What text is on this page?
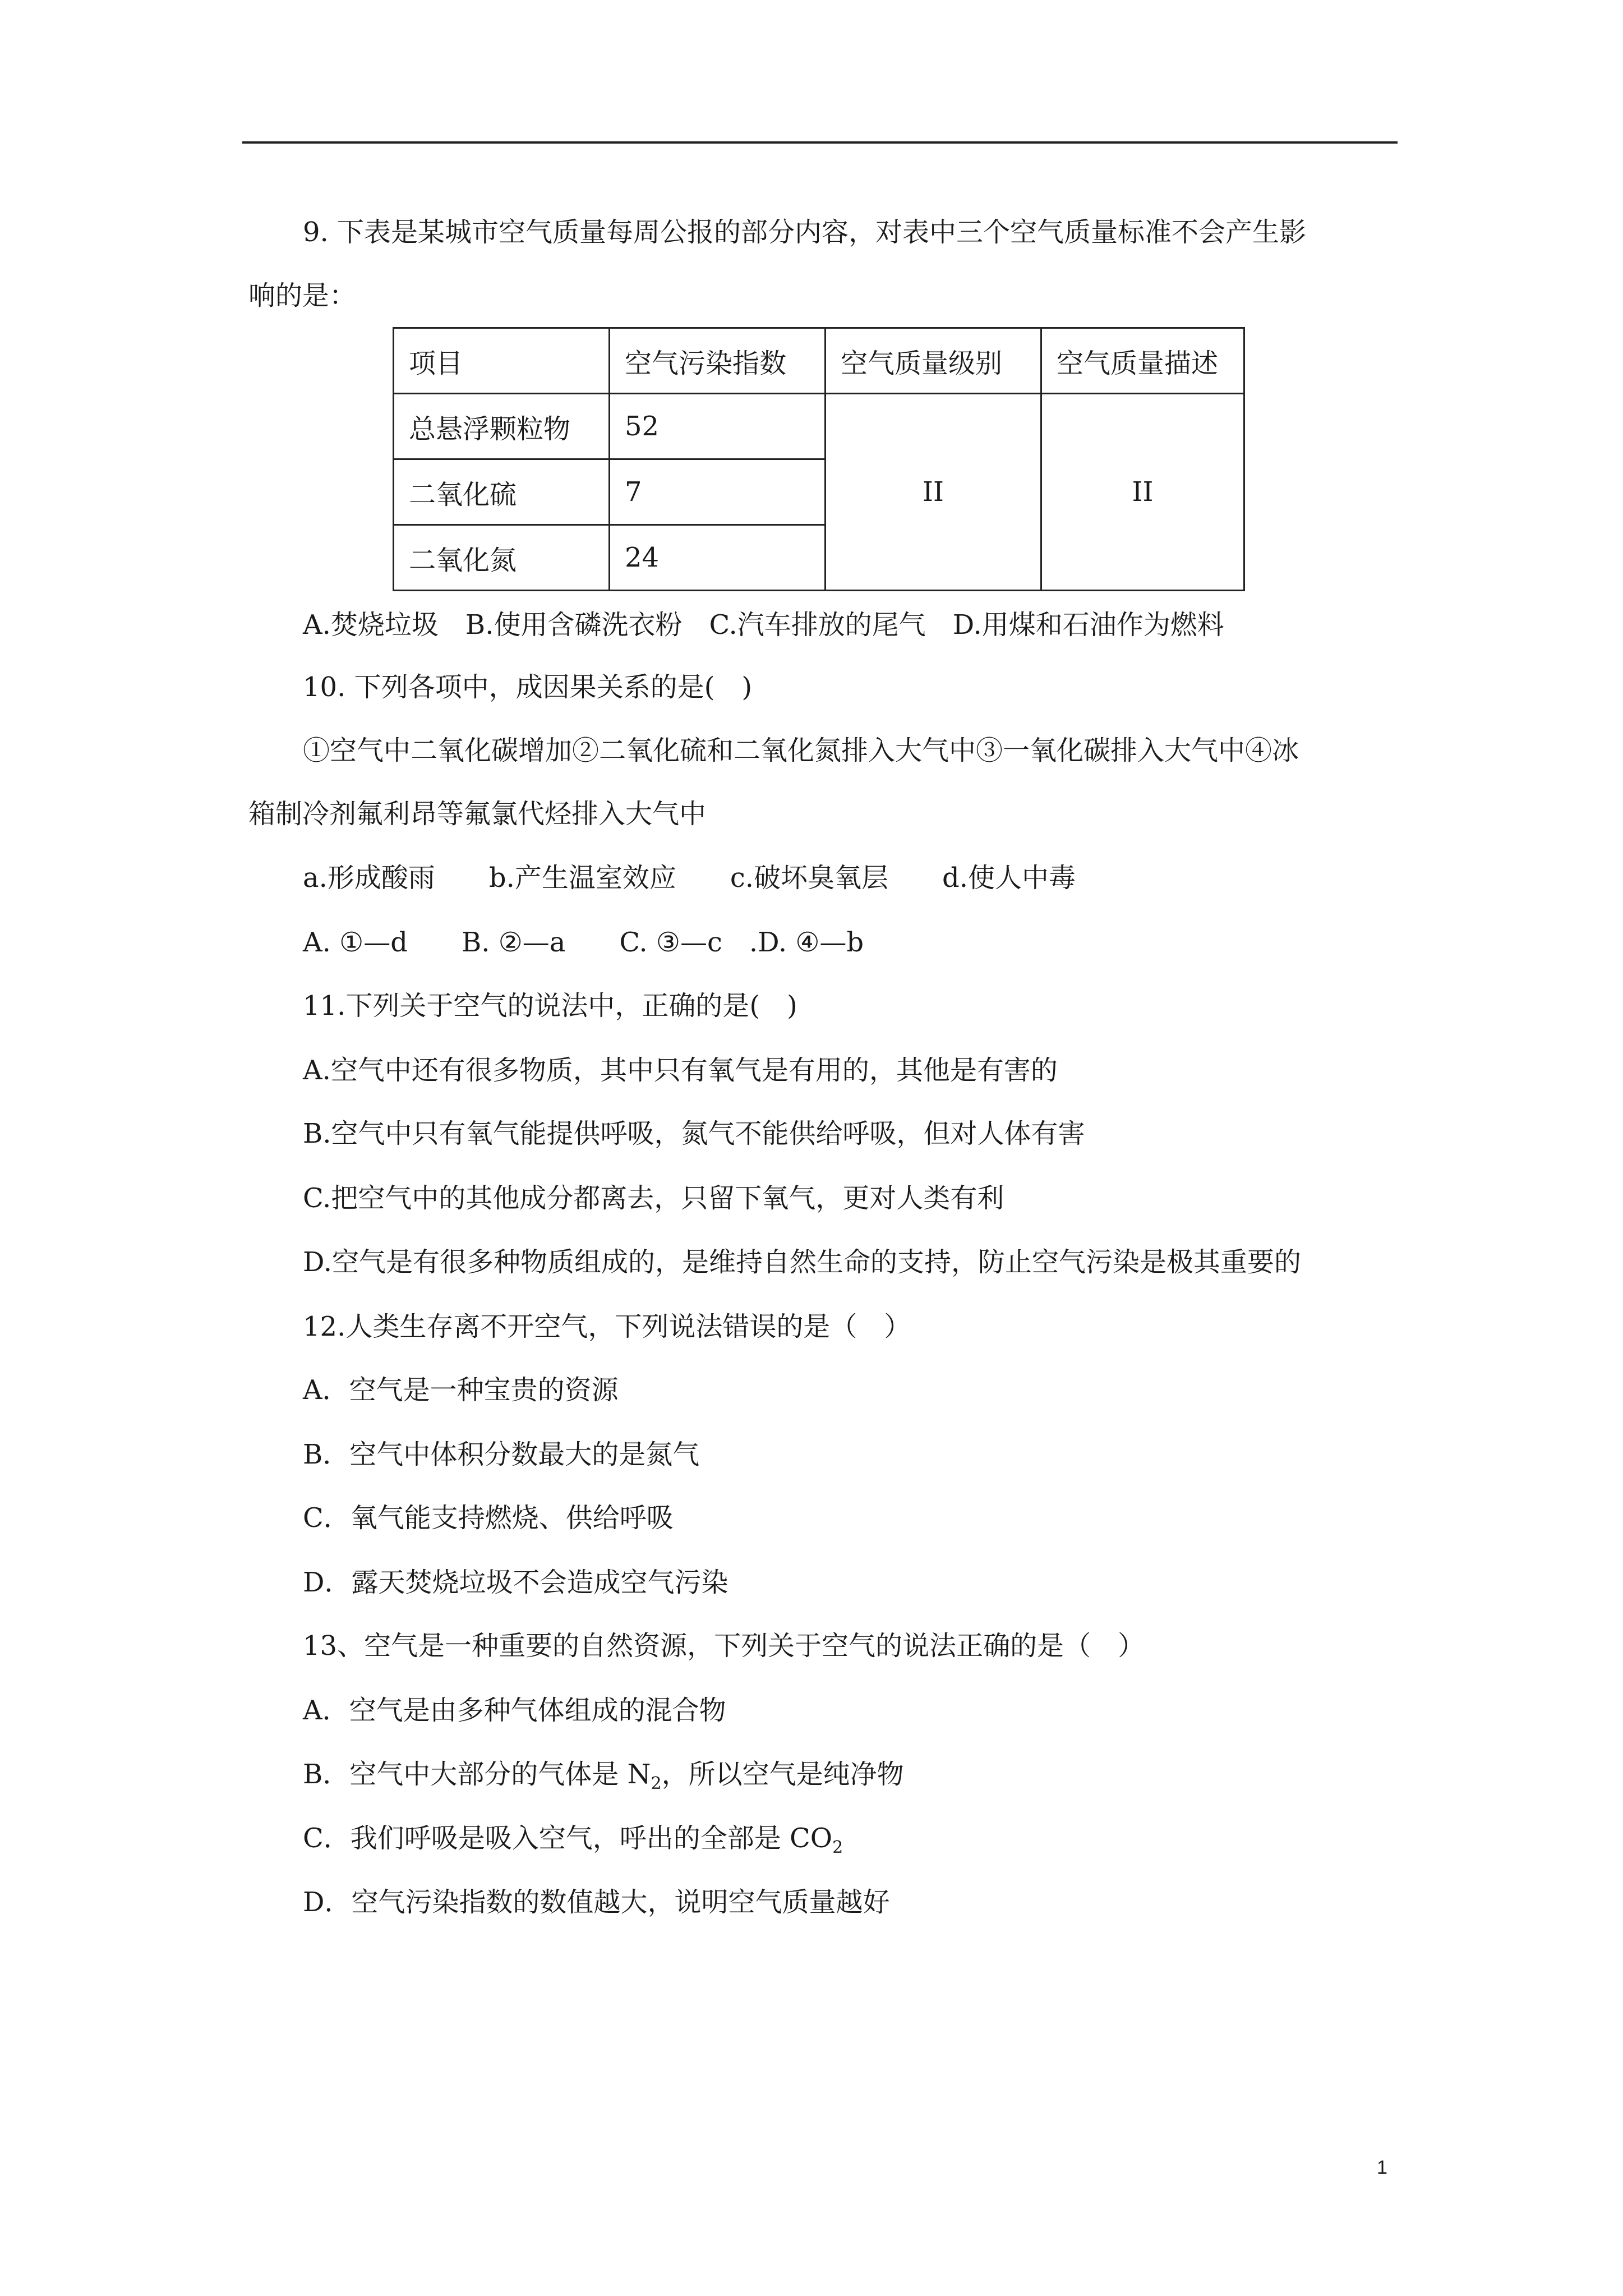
9. 下表是某城市空气质量每周公报的部分内容，对表中三个空气质量标准不会产生影
响的是：
项目	空气污染指数	空气质量级别	空气质量描述
总悬浮颗粒物	52	II	II
二氧化硫	7		
二氧化氮	24		
A.焚烧垃圾　B.使用含磷洗衣粉　C.汽车排放的尾气　D.用煤和石油作为燃料
10. 下列各项中，成因果关系的是(　)
①空气中二氧化碳增加②二氧化硫和二氧化氮排入大气中③一氧化碳排入大气中④冰
箱制冷剂氟利昂等氟氯代烃排入大气中
a.形成酸雨　　b.产生温室效应　　c.破坏臭氧层　　d.使人中毒
A. ①—d　　B. ②—a　　C. ③—c　.D. ④—b
11.下列关于空气的说法中，正确的是(　)
A.空气中还有很多物质，其中只有氧气是有用的，其他是有害的
B.空气中只有氧气能提供呼吸，氮气不能供给呼吸，但对人体有害
C.把空气中的其他成分都离去，只留下氧气，更对人类有利
D.空气是有很多种物质组成的，是维持自然生命的支持，防止空气污染是极其重要的
12.人类生存离不开空气，下列说法错误的是（　）
A．空气是一种宝贵的资源
B．空气中体积分数最大的是氮气
C．氧气能支持燃烧、供给呼吸
D．露天焚烧垃圾不会造成空气污染
13、空气是一种重要的自然资源，下列关于空气的说法正确的是（　）
A．空气是由多种气体组成的混合物
B．空气中大部分的气体是 $N_2$，所以空气是纯净物
C．我们呼吸是吸入空气，呼出的全部是 $CO_2$
D．空气污染指数的数值越大，说明空气质量越好
1
